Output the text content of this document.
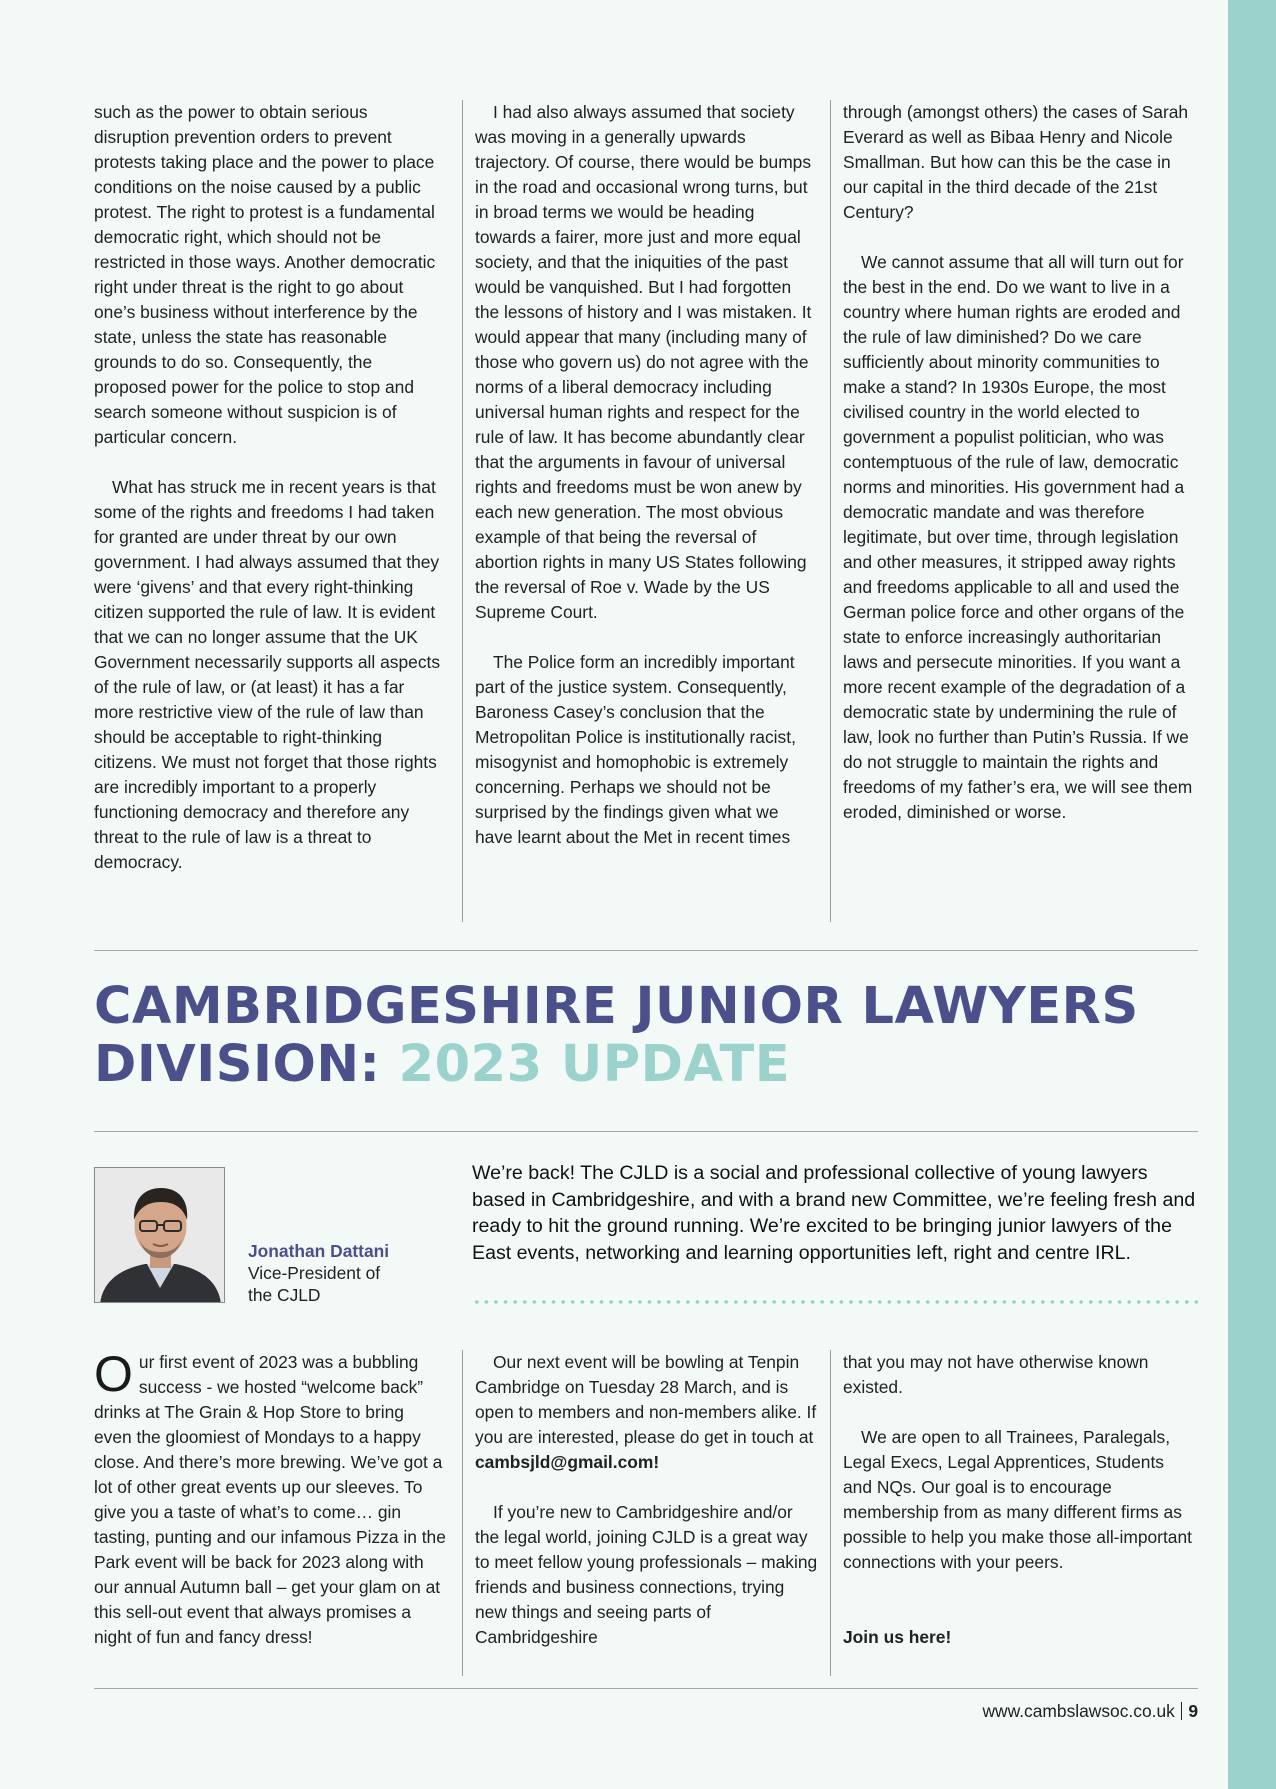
such as the power to obtain serious disruption prevention orders to prevent protests taking place and the power to place conditions on the noise caused by a public protest. The right to protest is a fundamental democratic right, which should not be restricted in those ways. Another democratic right under threat is the right to go about one’s business without interference by the state, unless the state has reasonable grounds to do so. Consequently, the proposed power for the police to stop and search someone without suspicion is of particular concern.

What has struck me in recent years is that some of the rights and freedoms I had taken for granted are under threat by our own government. I had always assumed that they were ‘givens’ and that every right-thinking citizen supported the rule of law. It is evident that we can no longer assume that the UK Government necessarily supports all aspects of the rule of law, or (at least) it has a far more restrictive view of the rule of law than should be acceptable to right-thinking citizens. We must not forget that those rights are incredibly important to a properly functioning democracy and therefore any threat to the rule of law is a threat to democracy.

I had also always assumed that society was moving in a generally upwards trajectory. Of course, there would be bumps in the road and occasional wrong turns, but in broad terms we would be heading towards a fairer, more just and more equal society, and that the iniquities of the past would be vanquished. But I had forgotten the lessons of history and I was mistaken. It would appear that many (including many of those who govern us) do not agree with the norms of a liberal democracy including universal human rights and respect for the rule of law. It has become abundantly clear that the arguments in favour of universal rights and freedoms must be won anew by each new generation. The most obvious example of that being the reversal of abortion rights in many US States following the reversal of Roe v. Wade by the US Supreme Court.

The Police form an incredibly important part of the justice system. Consequently, Baroness Casey’s conclusion that the Metropolitan Police is institutionally racist, misogynist and homophobic is extremely concerning. Perhaps we should not be surprised by the findings given what we have learnt about the Met in recent times

through (amongst others) the cases of Sarah Everard as well as Bibaa Henry and Nicole Smallman. But how can this be the case in our capital in the third decade of the 21st Century?

We cannot assume that all will turn out for the best in the end. Do we want to live in a country where human rights are eroded and the rule of law diminished? Do we care sufficiently about minority communities to make a stand? In 1930s Europe, the most civilised country in the world elected to government a populist politician, who was contemptuous of the rule of law, democratic norms and minorities. His government had a democratic mandate and was therefore legitimate, but over time, through legislation and other measures, it stripped away rights and freedoms applicable to all and used the German police force and other organs of the state to enforce increasingly authoritarian laws and persecute minorities. If you want a more recent example of the degradation of a democratic state by undermining the rule of law, look no further than Putin’s Russia. If we do not struggle to maintain the rights and freedoms of my father’s era, we will see them eroded, diminished or worse.

CAMBRIDGESHIRE JUNIOR LAWYERS
DIVISION: 2023 UPDATE
Jonathan Dattani
Vice-President of
the CJLD
We’re back! The CJLD is a social and professional collective of young lawyers based in Cambridgeshire, and with a brand new Committee, we’re feeling fresh and ready to hit the ground running. We’re excited to be bringing junior lawyers of the East events, networking and learning opportunities left, right and centre IRL.

Our first event of 2023 was a bubbling success - we hosted “welcome back” drinks at The Grain & Hop Store to bring even the gloomiest of Mondays to a happy close. And there’s more brewing. We’ve got a lot of other great events up our sleeves. To give you a taste of what’s to come… gin tasting, punting and our infamous Pizza in the Park event will be back for 2023 along with our annual Autumn ball – get your glam on at this sell-out event that always promises a night of fun and fancy dress!

Our next event will be bowling at Tenpin Cambridge on Tuesday 28 March, and is open to members and non-members alike. If you are interested, please do get in touch at cambsjld@gmail.com!

If you’re new to Cambridgeshire and/or the legal world, joining CJLD is a great way to meet fellow young professionals – making friends and business connections, trying new things and seeing parts of Cambridgeshire

that you may not have otherwise known existed.

We are open to all Trainees, Paralegals, Legal Execs, Legal Apprentices, Students and NQs. Our goal is to encourage membership from as many different firms as possible to help you make those all-important connections with your peers.

Join us here!

www.cambslawsoc.co.uk 9
